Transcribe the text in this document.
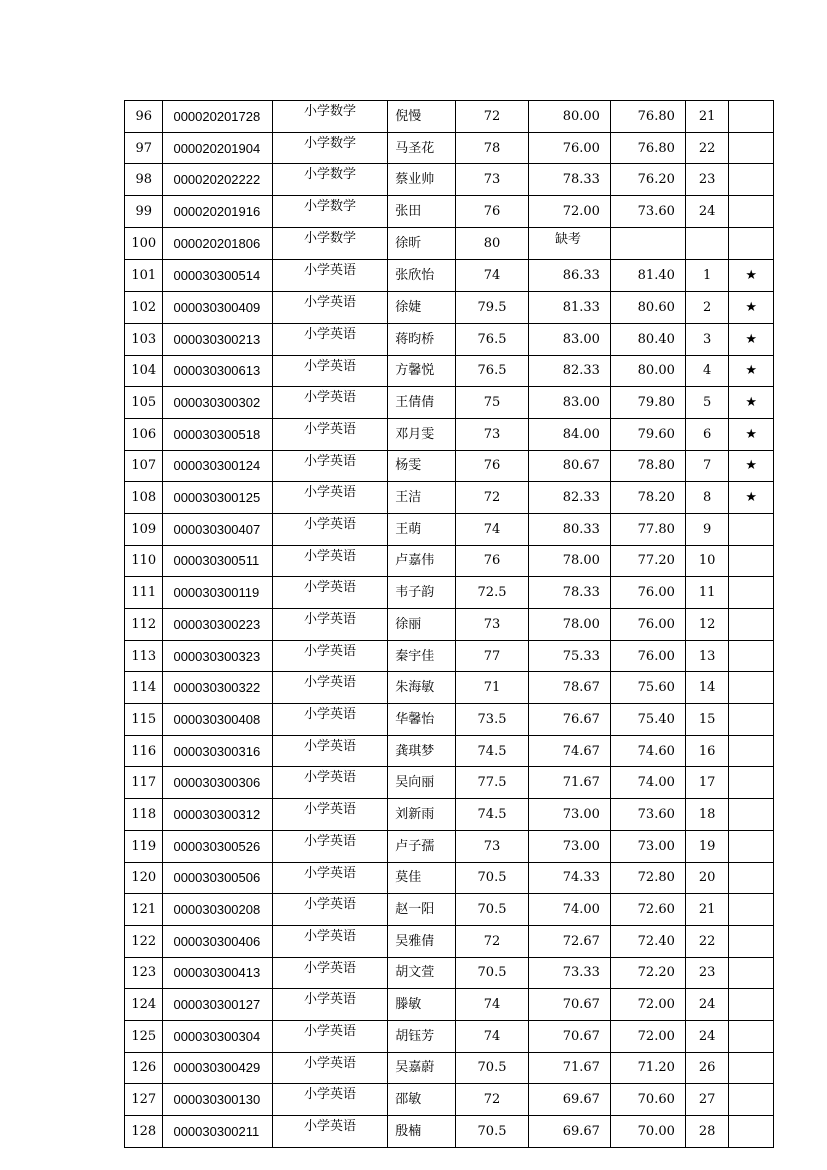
96	000020201728	小学数学	倪慢	72	80.00	76.80	21	
97	000020201904	小学数学	马圣花	78	76.00	76.80	22	
98	000020202222	小学数学	蔡业帅	73	78.33	76.20	23	
99	000020201916	小学数学	张田	76	72.00	73.60	24	
100	000020201806	小学数学	徐昕	80	缺考			
101	000030300514	小学英语	张欣怡	74	86.33	81.40	1	★
102	000030300409	小学英语	徐婕	79.5	81.33	80.60	2	★
103	000030300213	小学英语	蒋昀桥	76.5	83.00	80.40	3	★
104	000030300613	小学英语	方馨悦	76.5	82.33	80.00	4	★
105	000030300302	小学英语	王倩倩	75	83.00	79.80	5	★
106	000030300518	小学英语	邓月雯	73	84.00	79.60	6	★
107	000030300124	小学英语	杨雯	76	80.67	78.80	7	★
108	000030300125	小学英语	王洁	72	82.33	78.20	8	★
109	000030300407	小学英语	王萌	74	80.33	77.80	9	
110	000030300511	小学英语	卢嘉伟	76	78.00	77.20	10	
111	000030300119	小学英语	韦子韵	72.5	78.33	76.00	11	
112	000030300223	小学英语	徐丽	73	78.00	76.00	12	
113	000030300323	小学英语	秦宇佳	77	75.33	76.00	13	
114	000030300322	小学英语	朱海敏	71	78.67	75.60	14	
115	000030300408	小学英语	华馨怡	73.5	76.67	75.40	15	
116	000030300316	小学英语	龚琪梦	74.5	74.67	74.60	16	
117	000030300306	小学英语	吴向丽	77.5	71.67	74.00	17	
118	000030300312	小学英语	刘新雨	74.5	73.00	73.60	18	
119	000030300526	小学英语	卢子孺	73	73.00	73.00	19	
120	000030300506	小学英语	莫佳	70.5	74.33	72.80	20	
121	000030300208	小学英语	赵一阳	70.5	74.00	72.60	21	
122	000030300406	小学英语	吴雅倩	72	72.67	72.40	22	
123	000030300413	小学英语	胡文萱	70.5	73.33	72.20	23	
124	000030300127	小学英语	滕敏	74	70.67	72.00	24	
125	000030300304	小学英语	胡钰芳	74	70.67	72.00	24	
126	000030300429	小学英语	吴嘉蔚	70.5	71.67	71.20	26	
127	000030300130	小学英语	邵敏	72	69.67	70.60	27	
128	000030300211	小学英语	殷楠	70.5	69.67	70.00	28	
